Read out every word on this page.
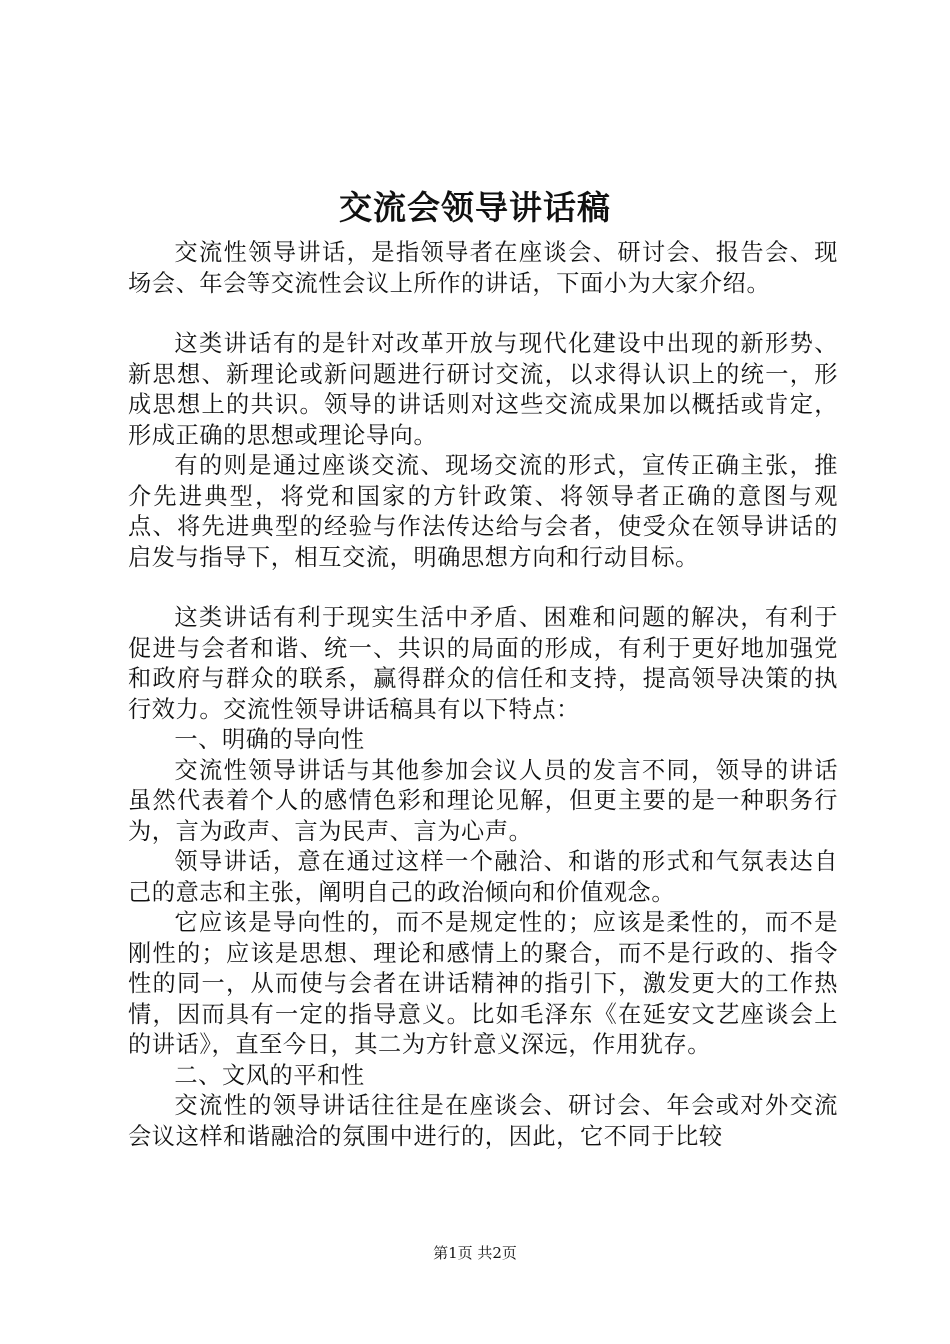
交流会领导讲话稿

交流性领导讲话，是指领导者在座谈会、研讨会、报告会、现场会、年会等交流性会议上所作的讲话，下面小为大家介绍。

这类讲话有的是针对改革开放与现代化建设中出现的新形势、新思想、新理论或新问题进行研讨交流，以求得认识上的统一，形成思想上的共识。领导的讲话则对这些交流成果加以概括或肯定，形成正确的思想或理论导向。

有的则是通过座谈交流、现场交流的形式，宣传正确主张，推介先进典型，将党和国家的方针政策、将领导者正确的意图与观点、将先进典型的经验与作法传达给与会者，使受众在领导讲话的启发与指导下，相互交流，明确思想方向和行动目标。

这类讲话有利于现实生活中矛盾、困难和问题的解决，有利于促进与会者和谐、统一、共识的局面的形成，有利于更好地加强党和政府与群众的联系，赢得群众的信任和支持，提高领导决策的执行效力。交流性领导讲话稿具有以下特点：

一、明确的导向性

交流性领导讲话与其他参加会议人员的发言不同，领导的讲话虽然代表着个人的感情色彩和理论见解，但更主要的是一种职务行为，言为政声、言为民声、言为心声。

领导讲话，意在通过这样一个融洽、和谐的形式和气氛表达自己的意志和主张，阐明自己的政治倾向和价值观念。

它应该是导向性的，而不是规定性的；应该是柔性的，而不是刚性的；应该是思想、理论和感情上的聚合，而不是行政的、指令性的同一，从而使与会者在讲话精神的指引下，激发更大的工作热情，因而具有一定的指导意义。比如毛泽东《在延安文艺座谈会上的讲话》，直至今日，其二为方针意义深远，作用犹存。

二、文风的平和性

交流性的领导讲话往往是在座谈会、研讨会、年会或对外交流会议这样和谐融洽的氛围中进行的，因此，它不同于比较

第1页 共2页
